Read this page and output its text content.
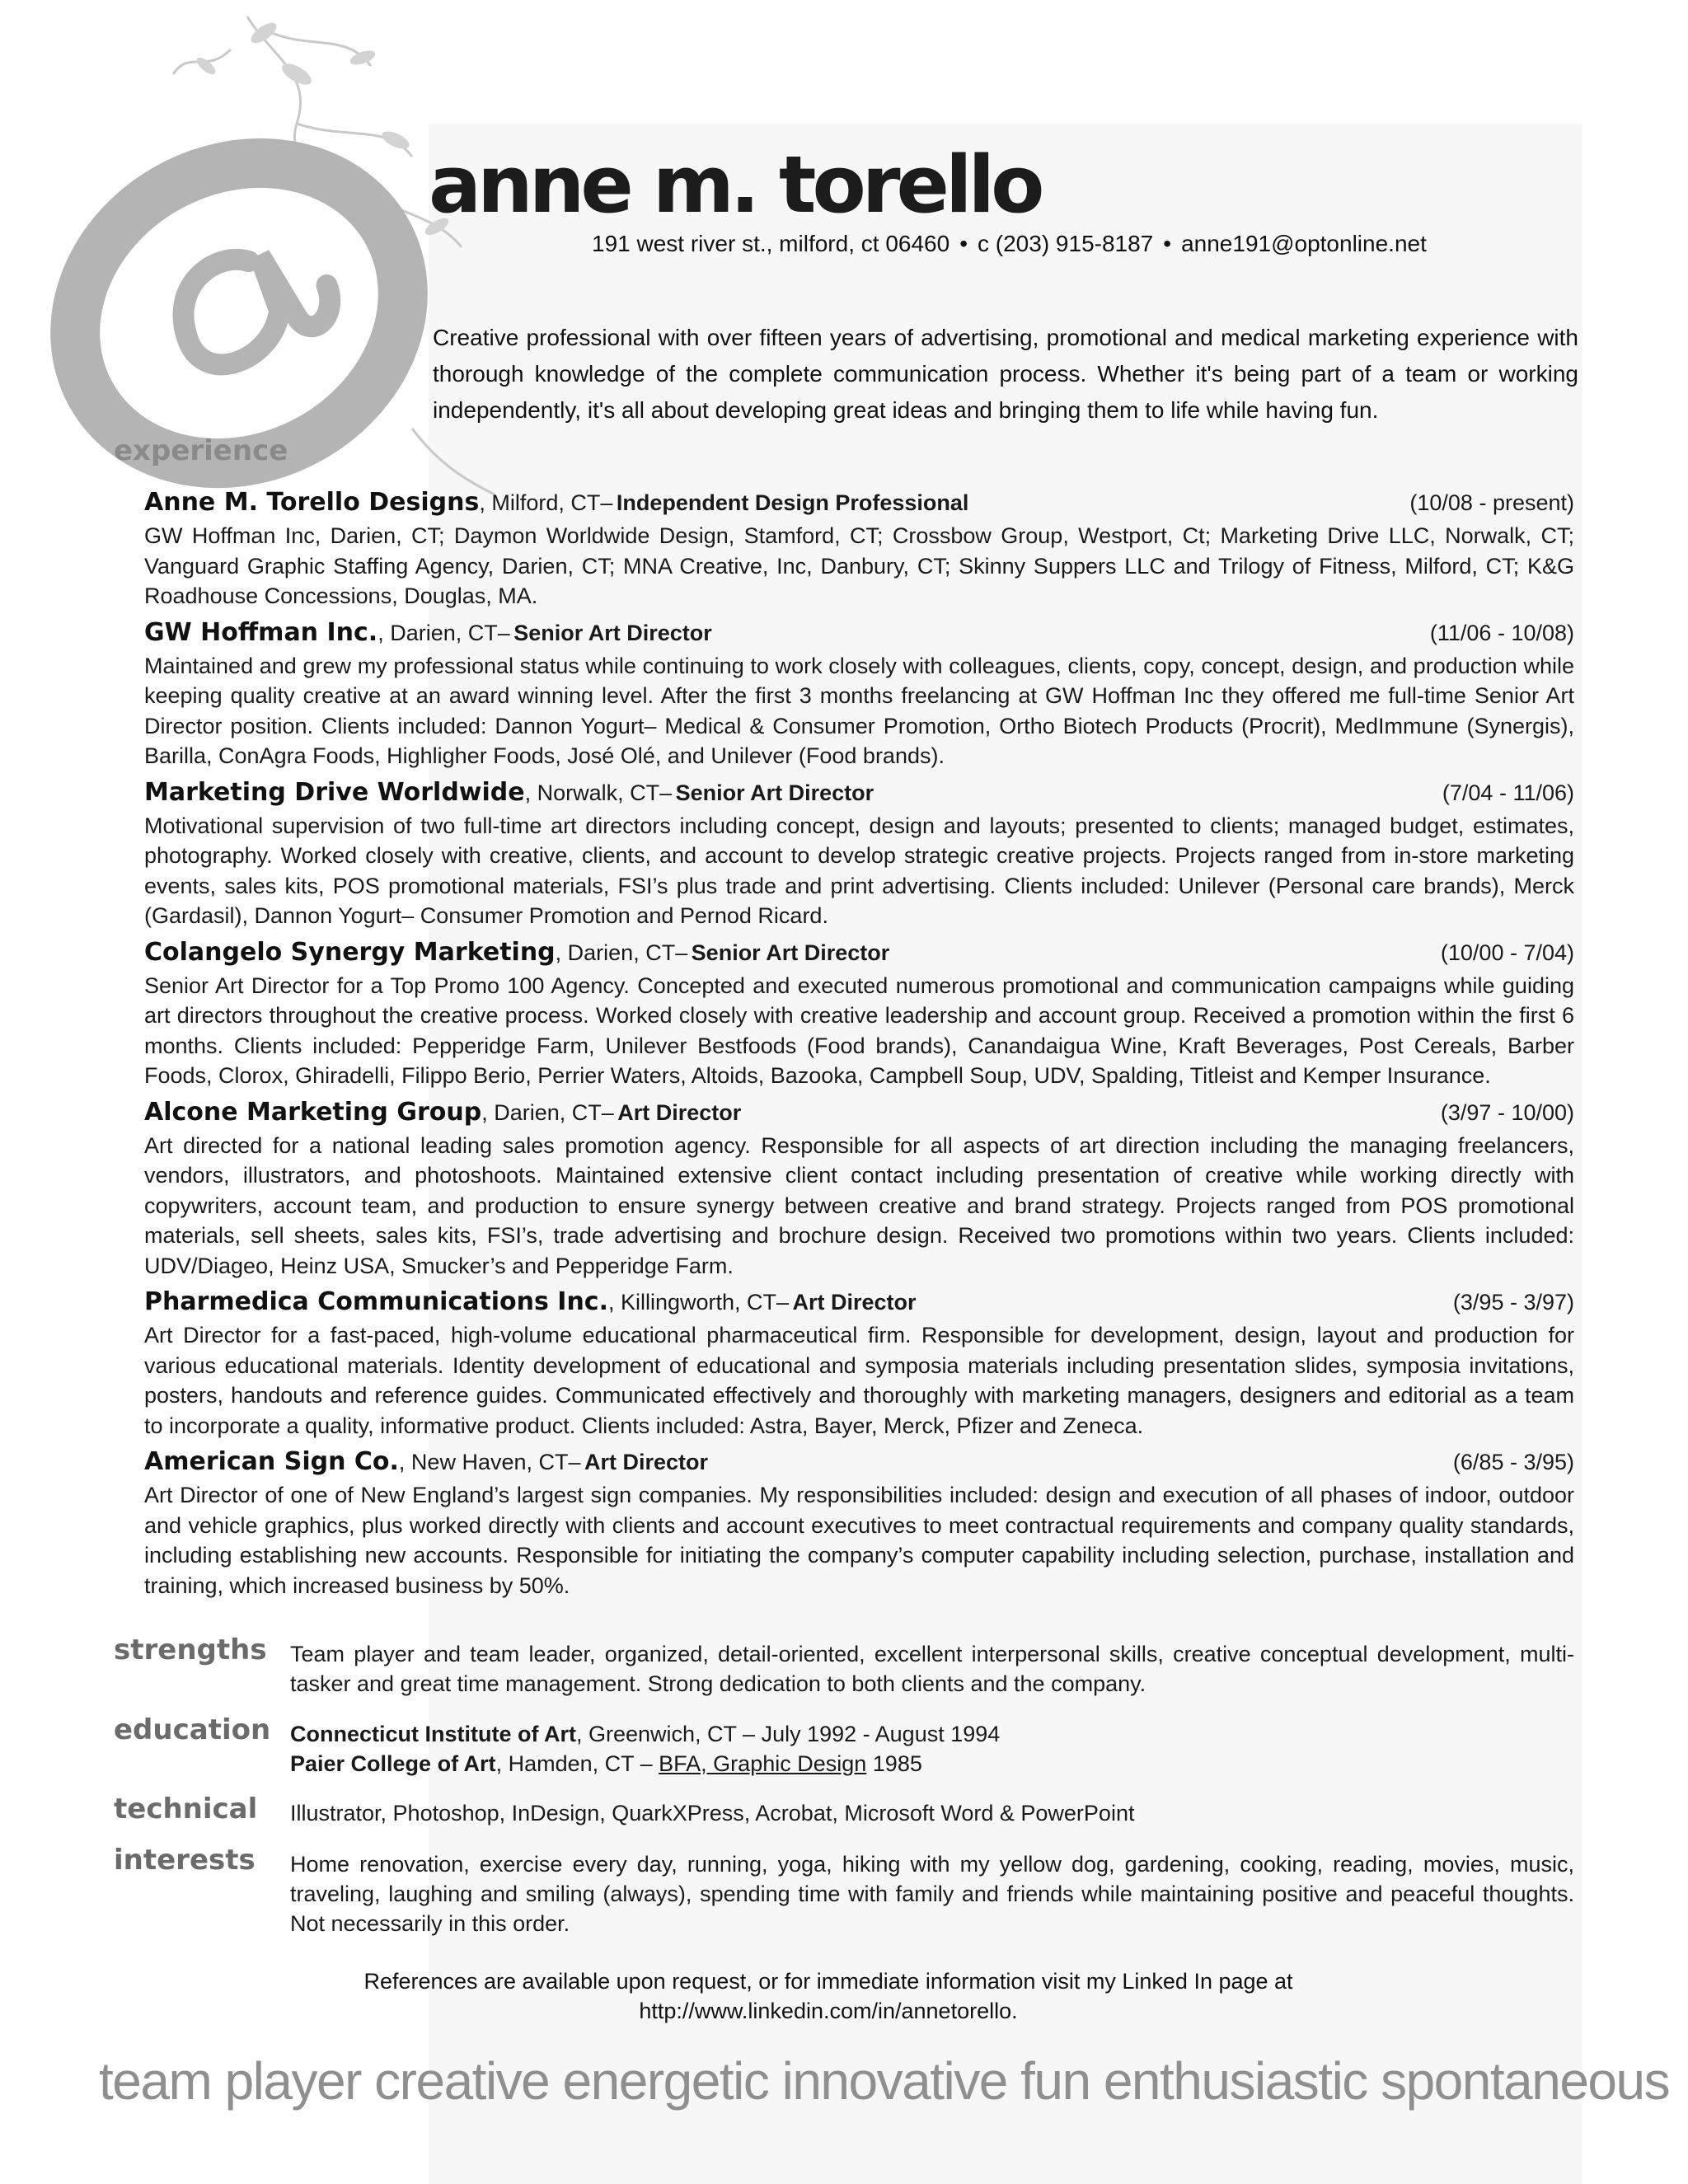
anne m. torello
191 west river st., milford, ct 06460 • c (203) 915-8187 • anne191@optonline.net

Creative professional with over fifteen years of advertising, promotional and medical marketing experience with thorough knowledge of the complete communication process. Whether it's being part of a team or working independently, it's all about developing great ideas and bringing them to life while having fun.

experience
Anne M. Torello Designs, Milford, CT– Independent Design Professional	(10/08 - present)

GW Hoffman Inc, Darien, CT; Daymon Worldwide Design, Stamford, CT; Crossbow Group, Westport, Ct; Marketing Drive LLC, Norwalk, CT; Vanguard Graphic Staffing Agency, Darien, CT; MNA Creative, Inc, Danbury, CT; Skinny Suppers LLC and Trilogy of Fitness, Milford, CT; K&G Roadhouse Concessions, Douglas, MA.

GW Hoffman Inc., Darien, CT– Senior Art Director	(11/06 - 10/08)

Maintained and grew my professional status while continuing to work closely with colleagues, clients, copy, concept, design, and production while keeping quality creative at an award winning level. After the first 3 months freelancing at GW Hoffman Inc they offered me full-time Senior Art Director position. Clients included: Dannon Yogurt– Medical & Consumer Promotion, Ortho Biotech Products (Procrit), MedImmune (Synergis), Barilla, ConAgra Foods, Highligher Foods, José Olé, and Unilever (Food brands).

Marketing Drive Worldwide, Norwalk, CT– Senior Art Director	(7/04 - 11/06)

Motivational supervision of two full-time art directors including concept, design and layouts; presented to clients; managed budget, estimates, photography. Worked closely with creative, clients, and account to develop strategic creative projects. Projects ranged from in-store marketing events, sales kits, POS promotional materials, FSI’s plus trade and print advertising. Clients included: Unilever (Personal care brands), Merck (Gardasil), Dannon Yogurt– Consumer Promotion and Pernod Ricard.

Colangelo Synergy Marketing, Darien, CT– Senior Art Director	(10/00 - 7/04)

Senior Art Director for a Top Promo 100 Agency. Concepted and executed numerous promotional and communication campaigns while guiding art directors throughout the creative process. Worked closely with creative leadership and account group. Received a promotion within the first 6 months. Clients included: Pepperidge Farm, Unilever Bestfoods (Food brands), Canandaigua Wine, Kraft Beverages, Post Cereals, Barber Foods, Clorox, Ghiradelli, Filippo Berio, Perrier Waters, Altoids, Bazooka, Campbell Soup, UDV, Spalding, Titleist and Kemper Insurance.

Alcone Marketing Group, Darien, CT– Art Director	(3/97 - 10/00)

Art directed for a national leading sales promotion agency. Responsible for all aspects of art direction including the managing freelancers, vendors, illustrators, and photoshoots. Maintained extensive client contact including presentation of creative while working directly with copywriters, account team, and production to ensure synergy between creative and brand strategy. Projects ranged from POS promotional materials, sell sheets, sales kits, FSI’s, trade advertising and brochure design. Received two promotions within two years. Clients included: UDV/Diageo, Heinz USA, Smucker’s and Pepperidge Farm.

Pharmedica Communications Inc., Killingworth, CT– Art Director	(3/95 - 3/97)

Art Director for a fast-paced, high-volume educational pharmaceutical firm. Responsible for development, design, layout and production for various educational materials. Identity development of educational and symposia materials including presentation slides, symposia invitations, posters, handouts and reference guides. Communicated effectively and thoroughly with marketing managers, designers and editorial as a team to incorporate a quality, informative product. Clients included: Astra, Bayer, Merck, Pfizer and Zeneca.

American Sign Co., New Haven, CT– Art Director	(6/85 - 3/95)

Art Director of one of New England’s largest sign companies. My responsibilities included: design and execution of all phases of indoor, outdoor and vehicle graphics, plus worked directly with clients and account executives to meet contractual requirements and company quality standards, including establishing new accounts. Responsible for initiating the company’s computer capability including selection, purchase, installation and training, which increased business by 50%.

strengths Team player and team leader, organized, detail-oriented, excellent interpersonal skills, creative conceptual development, multi-tasker and great time management. Strong dedication to both clients and the company.
education Connecticut Institute of Art, Greenwich, CT – July 1992 - August 1994
Paier College of Art, Hamden, CT – BFA, Graphic Design 1985
technical Illustrator, Photoshop, InDesign, QuarkXPress, Acrobat, Microsoft Word & PowerPoint
interests Home renovation, exercise every day, running, yoga, hiking with my yellow dog, gardening, cooking, reading, movies, music, traveling, laughing and smiling (always), spending time with family and friends while maintaining positive and peaceful thoughts. Not necessarily in this order.
References are available upon request, or for immediate information visit my Linked In page at
http://www.linkedin.com/in/annetorello.
team player creative energetic innovative fun enthusiastic spontaneous
